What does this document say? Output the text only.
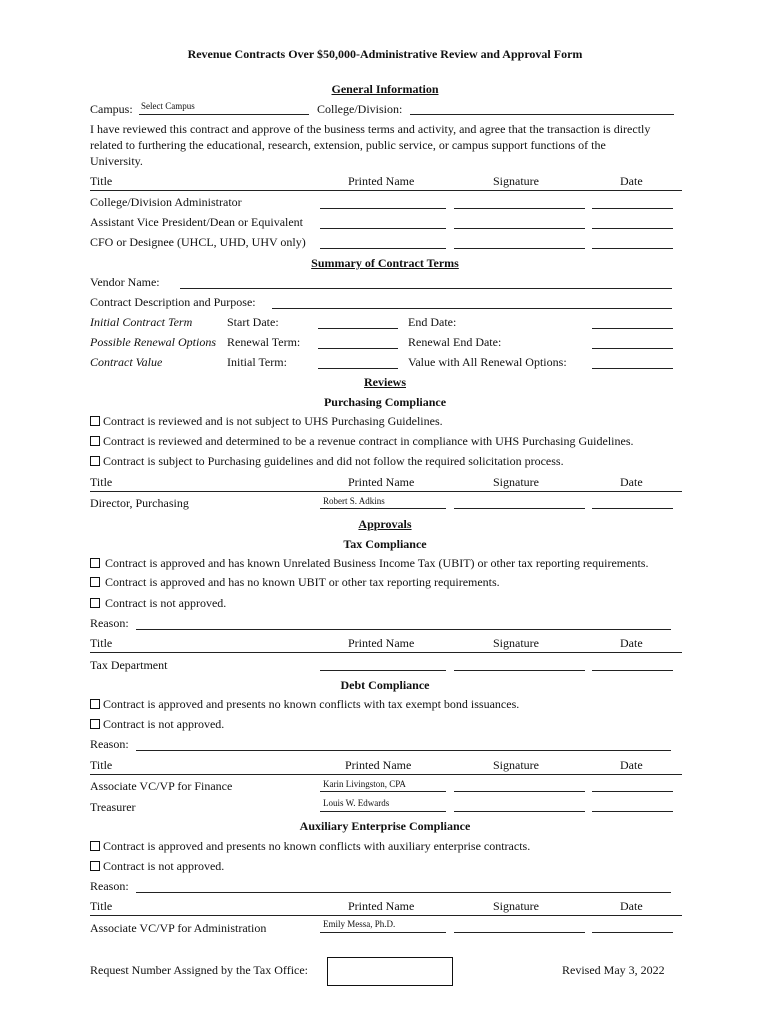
Revenue Contracts Over $50,000-Administrative Review and Approval Form
General Information
Campus: Select Campus	College/Division:
I have reviewed this contract and approve of the business terms and activity, and agree that the transaction is directly
related to furthering the educational, research, extension, public service, or campus support functions of the
University.
Title	Printed Name	Signature	Date
College/Division Administrator
Assistant Vice President/Dean or Equivalent
CFO or Designee (UHCL, UHD, UHV only)
Summary of Contract Terms
Vendor Name:
Contract Description and Purpose:
Initial Contract Term	Start Date:	End Date:
Possible Renewal Options Renewal Term:	Renewal End Date:
Contract Value	Initial Term:	Value with All Renewal Options:
Reviews
Purchasing Compliance
Contract is reviewed and is not subject to UHS Purchasing Guidelines.
Contract is reviewed and determined to be a revenue contract in compliance with UHS Purchasing Guidelines.
Contract is subject to Purchasing guidelines and did not follow the required solicitation process.
Title	Printed Name	Signature	Date
Director, Purchasing	Robert S. Adkins
Approvals
Tax Compliance
Contract is approved and has known Unrelated Business Income Tax (UBIT) or other tax reporting requirements.
Contract is approved and has no known UBIT or other tax reporting requirements.
Contract is not approved.
Reason:
Title	Printed Name	Signature	Date
Tax Department
Debt Compliance
Contract is approved and presents no known conflicts with tax exempt bond issuances.
Contract is not approved.
Reason:
Title	Printed Name	Signature	Date
Associate VC/VP for Finance	Karin Livingston, CPA
Treasurer	Louis W. Edwards
Auxiliary Enterprise Compliance
Contract is approved and presents no known conflicts with auxiliary enterprise contracts.
Contract is not approved.
Reason:
Title	Printed Name	Signature	Date
Associate VC/VP for Administration	Emily Messa, Ph.D.
Request Number Assigned by the Tax Office:	Revised May 3, 2022
